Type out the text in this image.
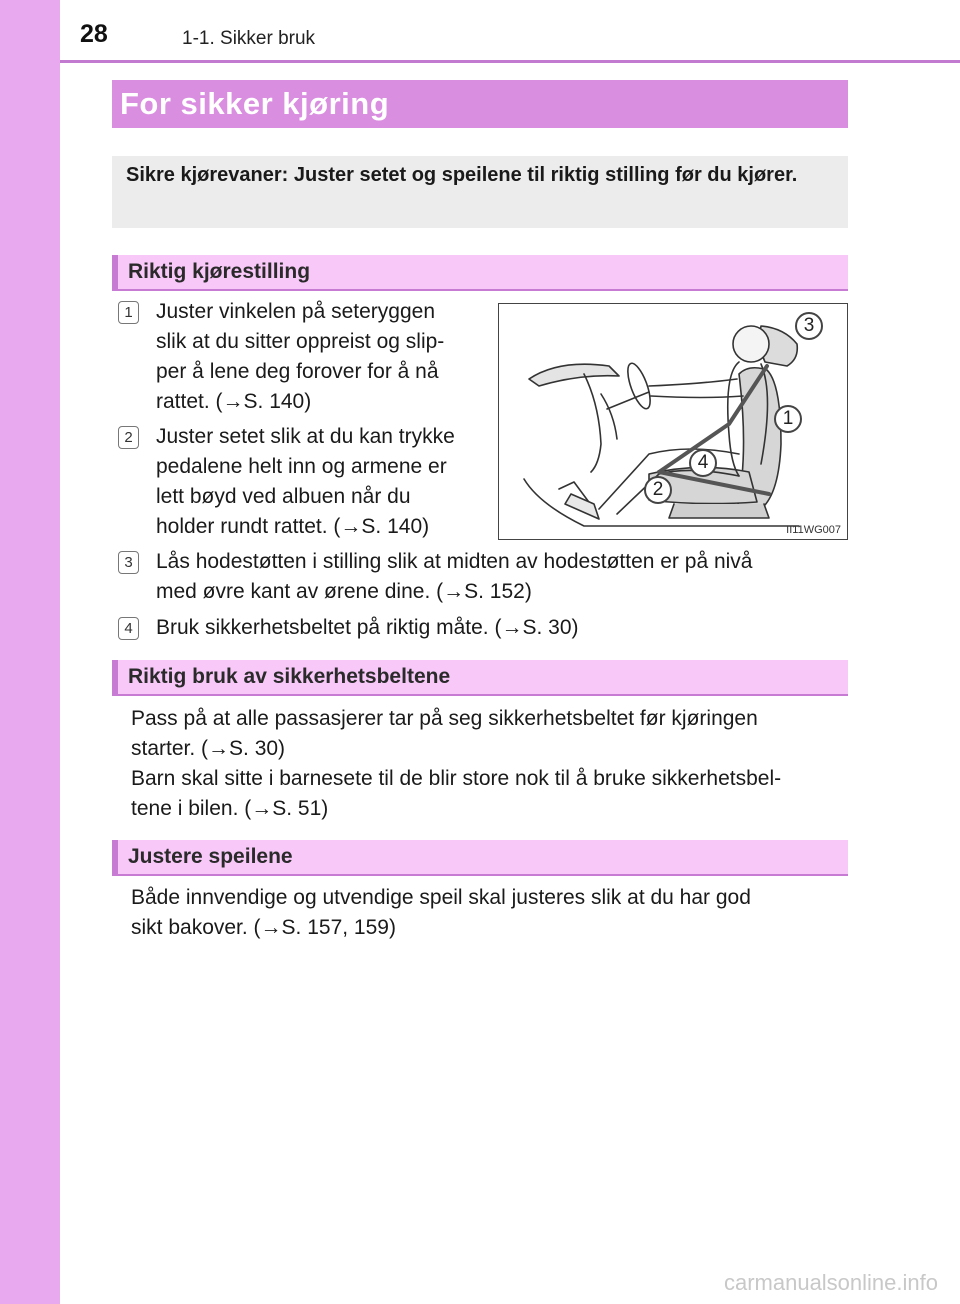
28	1-1. Sikker bruk
For sikker kjøring

Sikre kjørevaner: Juster setet og speilene til riktig stilling før du kjører.

Riktig kjørestilling
1	Juster vinkelen på seteryggen
slik at du sitter oppreist og slip-
per å lene deg forover for å nå
rattet. (→S. 140)
2	Juster setet slik at du kan trykke
pedalene helt inn og armene er
lett bøyd ved albuen når du
holder rundt rattet. (→S. 140)
3	Lås hodestøtten i stilling slik at midten av hodestøtten er på nivå
med øvre kant av ørene dine. (→S. 152)
4	Bruk sikkerhetsbeltet på riktig måte. (→S. 30)
3
1
4
2
II11WG007
Riktig bruk av sikkerhetsbeltene
Pass på at alle passasjerer tar på seg sikkerhetsbeltet før kjøringen
starter. (→S. 30)
Barn skal sitte i barnesete til de blir store nok til å bruke sikkerhetsbel-
tene i bilen. (→S. 51)
Justere speilene
Både innvendige og utvendige speil skal justeres slik at du har god
sikt bakover. (→S. 157, 159)
carmanualsonline.info
